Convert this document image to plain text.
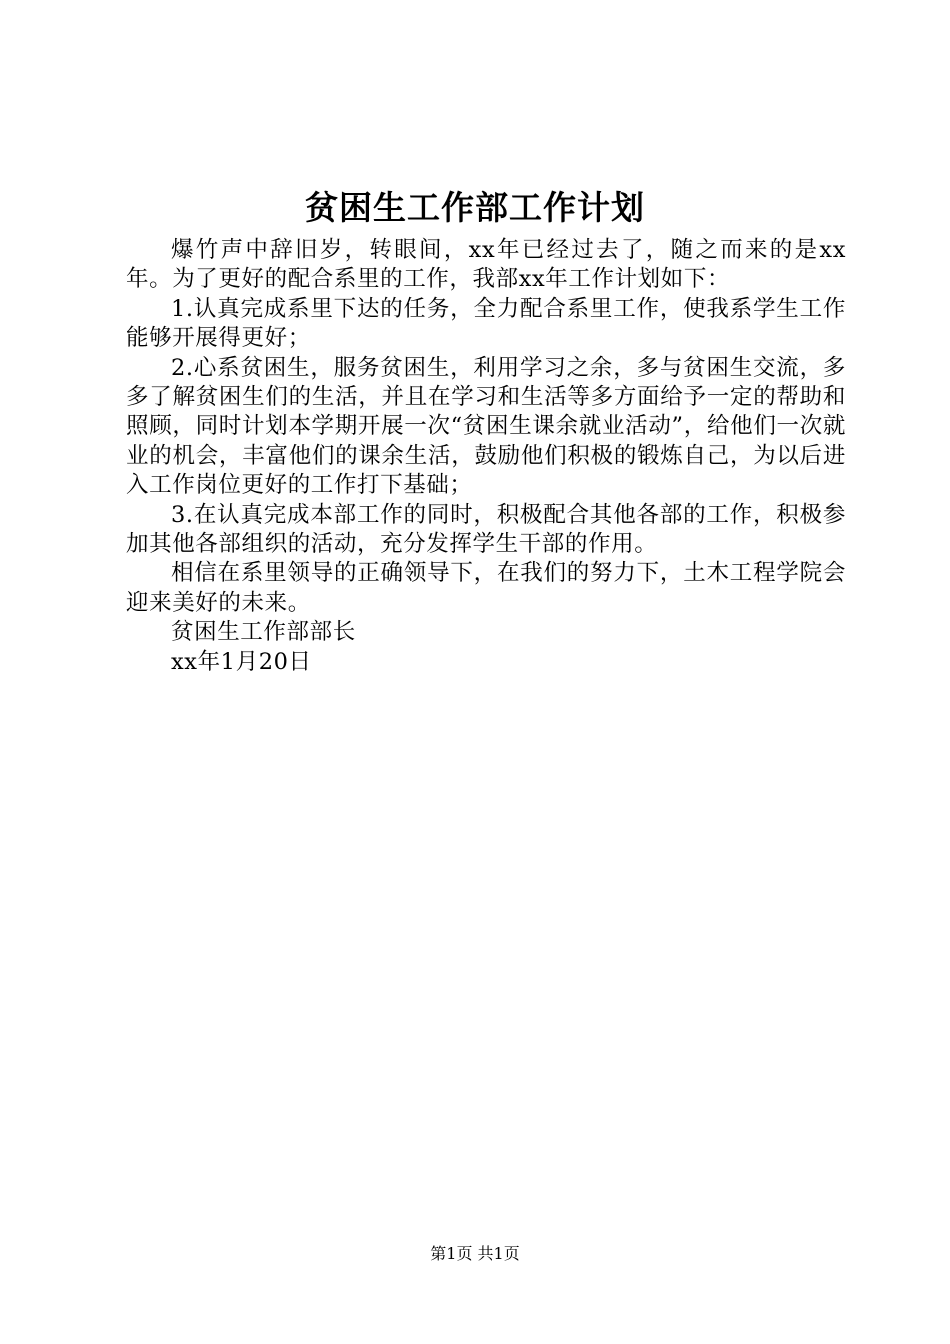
贫困生工作部工作计划

爆竹声中辞旧岁，转眼间，xx年已经过去了，随之而来的是xx年。为了更好的配合系里的工作，我部xx年工作计划如下：

1.认真完成系里下达的任务，全力配合系里工作，使我系学生工作能够开展得更好；

2.心系贫困生，服务贫困生，利用学习之余，多与贫困生交流，多多了解贫困生们的生活，并且在学习和生活等多方面给予一定的帮助和照顾，同时计划本学期开展一次“贫困生课余就业活动”，给他们一次就业的机会，丰富他们的课余生活，鼓励他们积极的锻炼自己，为以后进入工作岗位更好的工作打下基础；

3.在认真完成本部工作的同时，积极配合其他各部的工作，积极参加其他各部组织的活动，充分发挥学生干部的作用。

相信在系里领导的正确领导下，在我们的努力下，土木工程学院会迎来美好的未来。

贫困生工作部部长

xx年1月20日

第1页 共1页
